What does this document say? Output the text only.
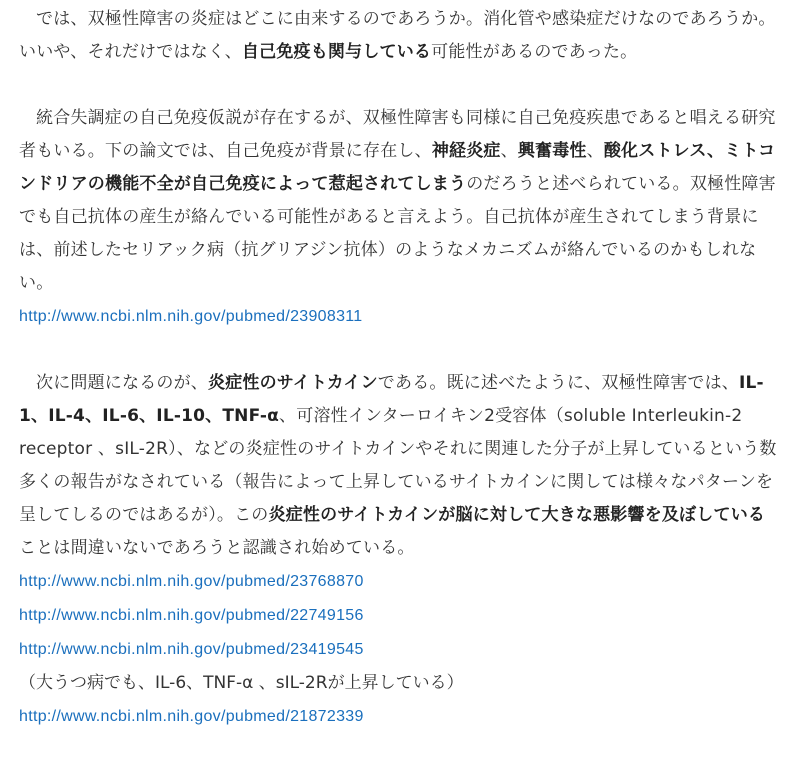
では、双極性障害の炎症はどこに由来するのであろうか。消化管や感染症だけなのであろうか。いいや、それだけではなく、自己免疫も関与している可能性があるのであった。

統合失調症の自己免疫仮説が存在するが、双極性障害も同様に自己免疫疾患であると唱える研究者もいる。下の論文では、自己免疫が背景に存在し、神経炎症、興奮毒性、酸化ストレス、ミトコンドリアの機能不全が自己免疫によって惹起されてしまうのだろうと述べられている。双極性障害でも自己抗体の産生が絡んでいる可能性があると言えよう。自己抗体が産生されてしまう背景には、前述したセリアック病（抗グリアジン抗体）のようなメカニズムが絡んでいるのかもしれない。

http://www.ncbi.nlm.nih.gov/pubmed/23908311

次に問題になるのが、炎症性のサイトカインである。既に述べたように、双極性障害では、IL-1、IL-4、IL-6、IL-10、TNF-α、可溶性インターロイキン2受容体（soluble Interleukin-2 receptor 、sIL-2R）、などの炎症性のサイトカインやそれに関連した分子が上昇しているという数多くの報告がなされている（報告によって上昇しているサイトカインに関しては様々なパターンを呈してしるのではあるが）。この炎症性のサイトカインが脳に対して大きな悪影響を及ぼしていることは間違いないであろうと認識され始めている。

http://www.ncbi.nlm.nih.gov/pubmed/23768870
http://www.ncbi.nlm.nih.gov/pubmed/22749156
http://www.ncbi.nlm.nih.gov/pubmed/23419545

（大うつ病でも、IL-6、TNF-α 、sIL-2Rが上昇している）

http://www.ncbi.nlm.nih.gov/pubmed/21872339
